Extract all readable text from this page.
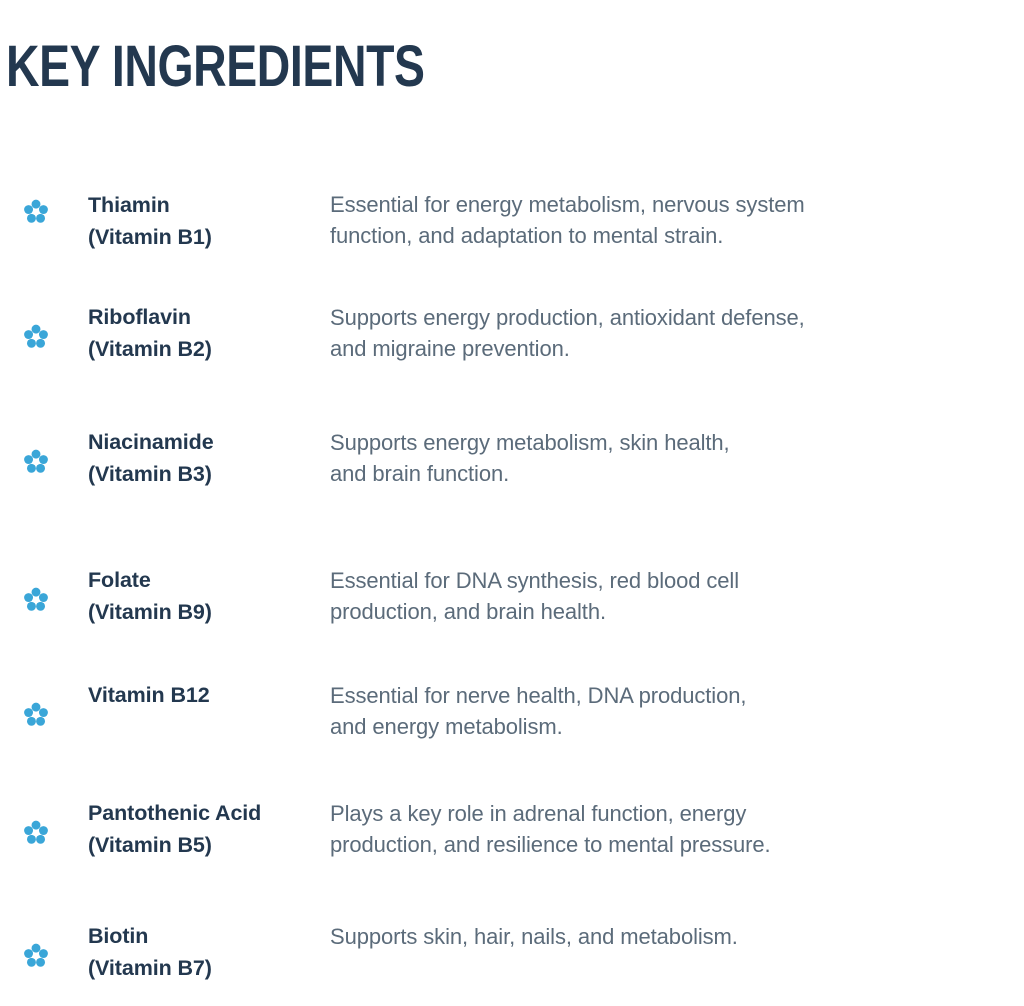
KEY INGREDIENTS
Thiamin
(Vitamin B1)
Essential for energy metabolism, nervous system
function, and adaptation to mental strain.
Riboflavin
(Vitamin B2)
Supports energy production, antioxidant defense,
and migraine prevention.
Niacinamide
(Vitamin B3)
Supports energy metabolism, skin health,
and brain function.
Folate
(Vitamin B9)
Essential for DNA synthesis, red blood cell
production, and brain health.
Vitamin B12	Essential for nerve health, DNA production,
and energy metabolism.
Pantothenic Acid
(Vitamin B5)
Plays a key role in adrenal function, energy
production, and resilience to mental pressure.
Biotin
(Vitamin B7)
Supports skin, hair, nails, and metabolism.
